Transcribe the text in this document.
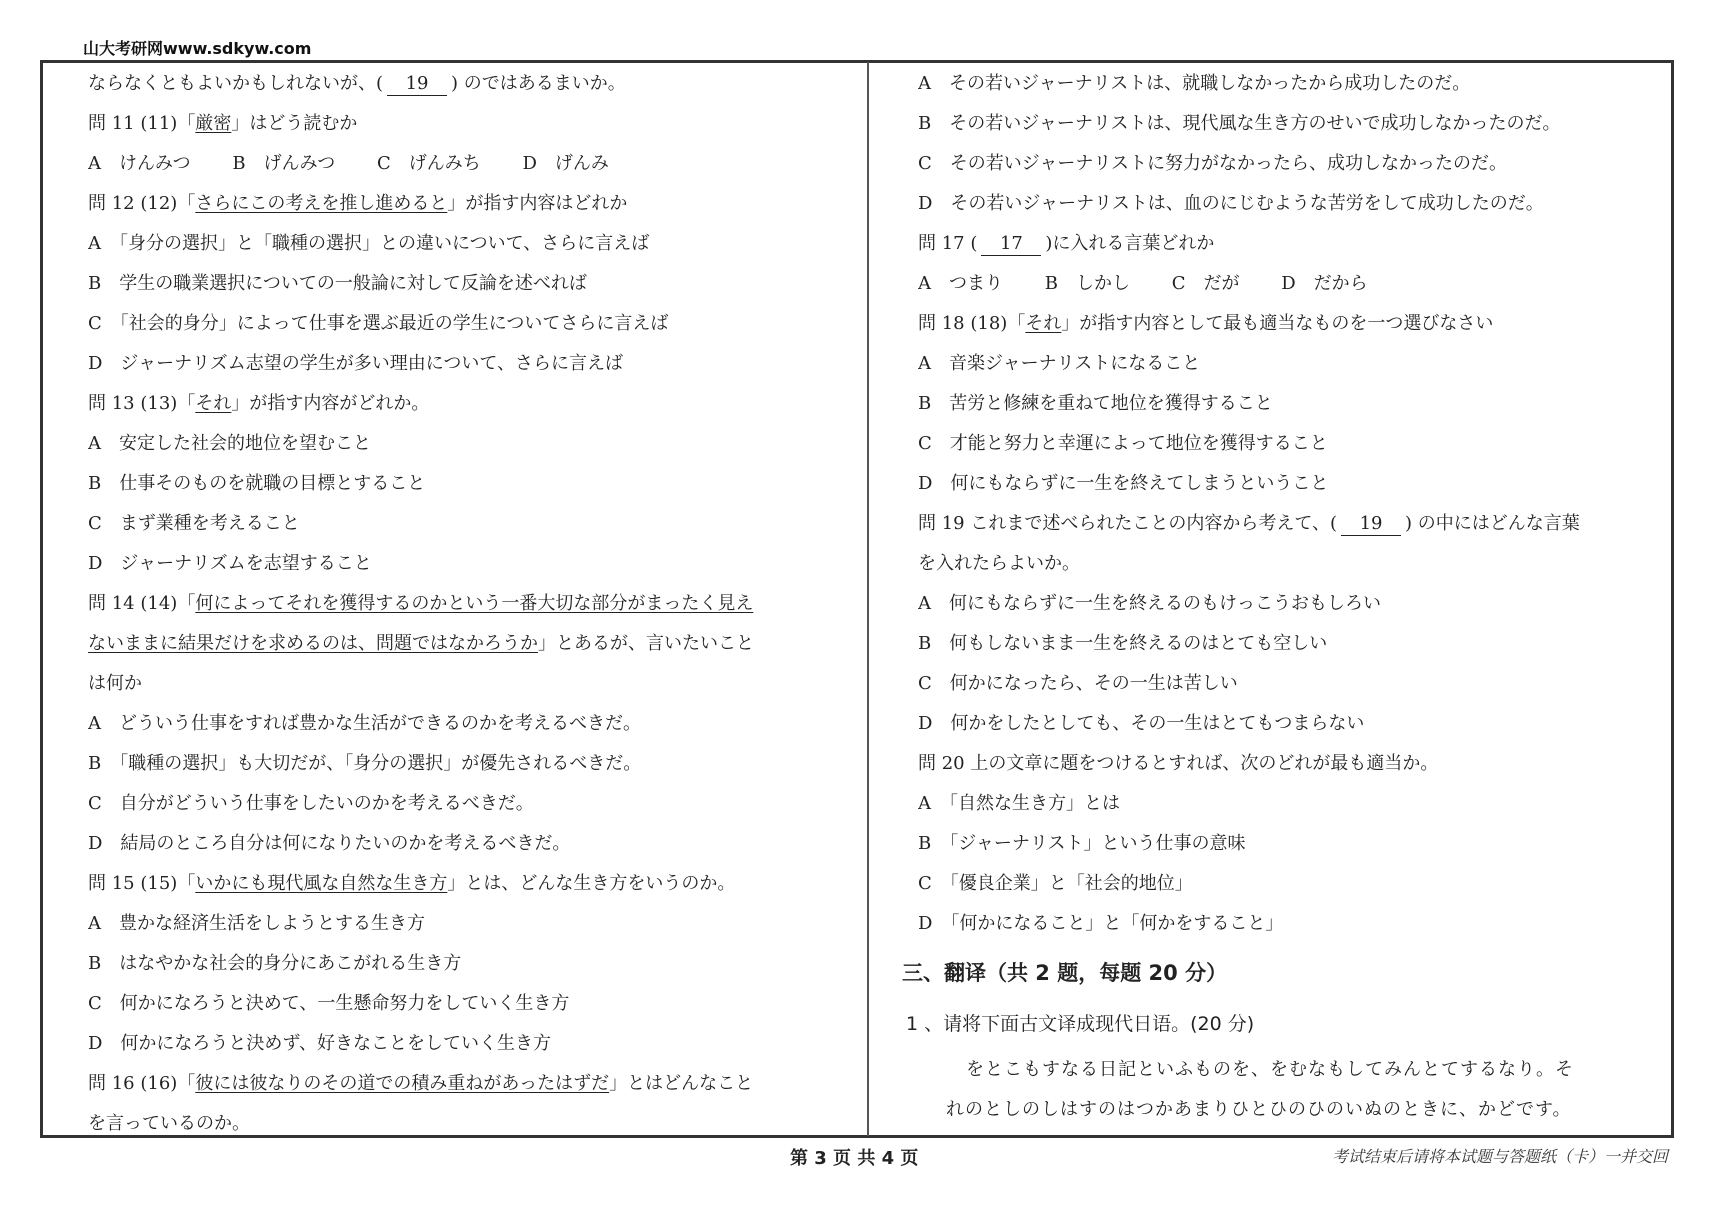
山大考研网www.sdkyw.com
ならなくともよいかもしれないが、( 19 ) のではあるまいか。
問 11 (11)「厳密」はどう読むか
A　けんみつ B　げんみつ C　げんみち D　げんみ
問 12 (12)「さらにこの考えを推し進めると」が指す内容はどれか
A　「身分の選択」と「職種の選択」との違いについて、さらに言えば
B　学生の職業選択についての一般論に対して反論を述べれば
C　「社会的身分」によって仕事を選ぶ最近の学生についてさらに言えば
D　ジャーナリズム志望の学生が多い理由について、さらに言えば
問 13 (13)「それ」が指す内容がどれか。
A　安定した社会的地位を望むこと
B　仕事そのものを就職の目標とすること
C　まず業種を考えること
D　ジャーナリズムを志望すること
問 14 (14)「何によってそれを獲得するのかという一番大切な部分がまったく見え
ないままに結果だけを求めるのは、問題ではなかろうか」とあるが、言いたいこと
は何か
A　どういう仕事をすれば豊かな生活ができるのかを考えるべきだ。
B　「職種の選択」も大切だが、「身分の選択」が優先されるべきだ。
C　自分がどういう仕事をしたいのかを考えるべきだ。
D　結局のところ自分は何になりたいのかを考えるべきだ。
問 15 (15)「いかにも現代風な自然な生き方」とは、どんな生き方をいうのか。
A　豊かな経済生活をしようとする生き方
B　はなやかな社会的身分にあこがれる生き方
C　何かになろうと決めて、一生懸命努力をしていく生き方
D　何かになろうと決めず、好きなことをしていく生き方
問 16 (16)「彼には彼なりのその道での積み重ねがあったはずだ」とはどんなこと
を言っているのか。
A　その若いジャーナリストは、就職しなかったから成功したのだ。
B　その若いジャーナリストは、現代風な生き方のせいで成功しなかったのだ。
C　その若いジャーナリストに努力がなかったら、成功しなかったのだ。
D　その若いジャーナリストは、血のにじむような苦労をして成功したのだ。
問 17 ( 17 )に入れる言葉どれか
A　つまり B　しかし C　だが D　だから
問 18 (18)「それ」が指す内容として最も適当なものを一つ選びなさい
A　音楽ジャーナリストになること
B　苦労と修練を重ねて地位を獲得すること
C　才能と努力と幸運によって地位を獲得すること
D　何にもならずに一生を終えてしまうということ
問 19 これまで述べられたことの内容から考えて、( 19 ) の中にはどんな言葉
を入れたらよいか。
A　何にもならずに一生を終えるのもけっこうおもしろい
B　何もしないまま一生を終えるのはとても空しい
C　何かになったら、その一生は苦しい
D　何かをしたとしても、その一生はとてもつまらない
問 20 上の文章に題をつけるとすれば、次のどれが最も適当か。
A　「自然な生き方」とは
B　「ジャーナリスト」という仕事の意味
C　「優良企業」と「社会的地位」
D　「何かになること」と「何かをすること」
三、翻译（共 2 题，每题 20 分）
1 、请将下面古文译成现代日语。(20 分)
をとこもすなる日記といふものを、をむなもしてみんとてするなり。そ
れのとしのしはすのはつかあまりひとひのひのいぬのときに、かどです。
第 3 页 共 4 页	考试结束后请将本试题与答题纸（卡）一并交回
